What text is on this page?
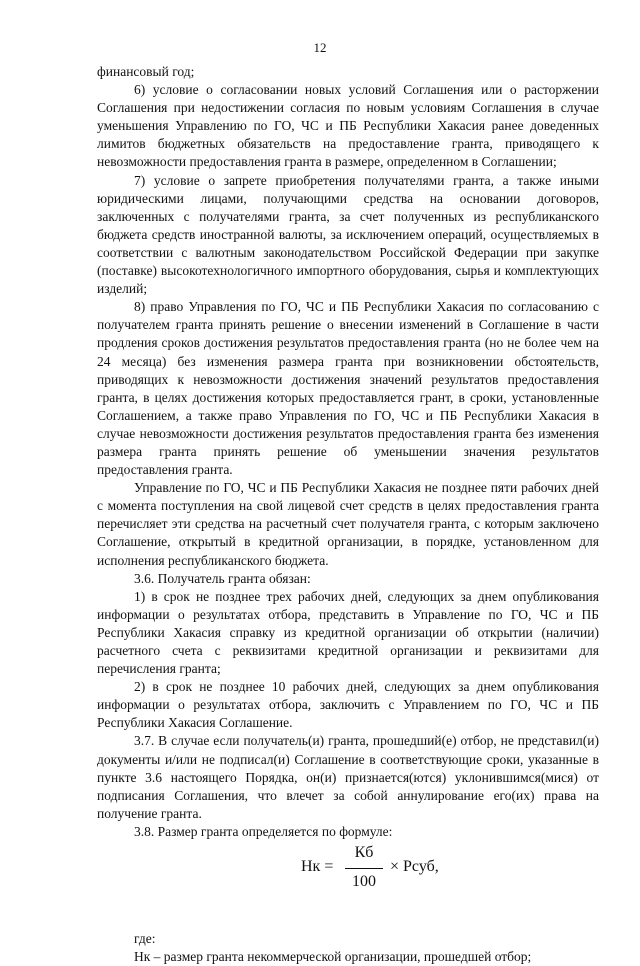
12

финансовый год;

6) условие о согласовании новых условий Соглашения или о расторжении Соглашения при недостижении согласия по новым условиям Соглашения в случае уменьшения Управлению по ГО, ЧС и ПБ Республики Хакасия ранее доведенных лимитов бюджетных обязательств на предоставление гранта, приводящего к невозможности предоставления гранта в размере, определенном в Соглашении;

7) условие о запрете приобретения получателями гранта, а также иными юридическими лицами, получающими средства на основании договоров, заключенных с получателями гранта, за счет полученных из республиканского бюджета средств иностранной валюты, за исключением операций, осуществляемых в соответствии с валютным законодательством Российской Федерации при закупке (поставке) высокотехнологичного импортного оборудования, сырья и комплектующих изделий;

8) право Управления по ГО, ЧС и ПБ Республики Хакасия по согласованию с получателем гранта принять решение о внесении изменений в Соглашение в части продления сроков достижения результатов предоставления гранта (но не более чем на 24 месяца) без изменения размера гранта при возникновении обстоятельств, приводящих к невозможности достижения значений результатов предоставления гранта, в целях достижения которых предоставляется грант, в сроки, установленные Соглашением, а также право Управления по ГО, ЧС и ПБ Республики Хакасия в случае невозможности достижения результатов предоставления гранта без изменения размера гранта принять решение об уменьшении значения результатов предоставления гранта.

Управление по ГО, ЧС и ПБ Республики Хакасия не позднее пяти рабочих дней с момента поступления на свой лицевой счет средств в целях предоставления гранта перечисляет эти средства на расчетный счет получателя гранта, с которым заключено Соглашение, открытый в кредитной организации, в порядке, установленном для исполнения республиканского бюджета.

3.6. Получатель гранта обязан:

1) в срок не позднее трех рабочих дней, следующих за днем опубликования информации о результатах отбора, представить в Управление по ГО, ЧС и ПБ Республики Хакасия справку из кредитной организации об открытии (наличии) расчетного счета с реквизитами кредитной организации и реквизитами для перечисления гранта;

2) в срок не позднее 10 рабочих дней, следующих за днем опубликования информации о результатах отбора, заключить с Управлением по ГО, ЧС и ПБ Республики Хакасия Соглашение.

3.7. В случае если получатель(и) гранта, прошедший(е) отбор, не представил(и) документы и/или не подписал(и) Соглашение в соответствующие сроки, указанные в пункте 3.6 настоящего Порядка, он(и) признается(ются) уклонившимся(мися) от подписания Соглашения, что влечет за собой аннулирование его(их) права на получение гранта.

3.8. Размер гранта определяется по формуле:

Нк =
Кб
100
× Рсуб,

где:

Нк – размер гранта некоммерческой организации, прошедшей отбор;
